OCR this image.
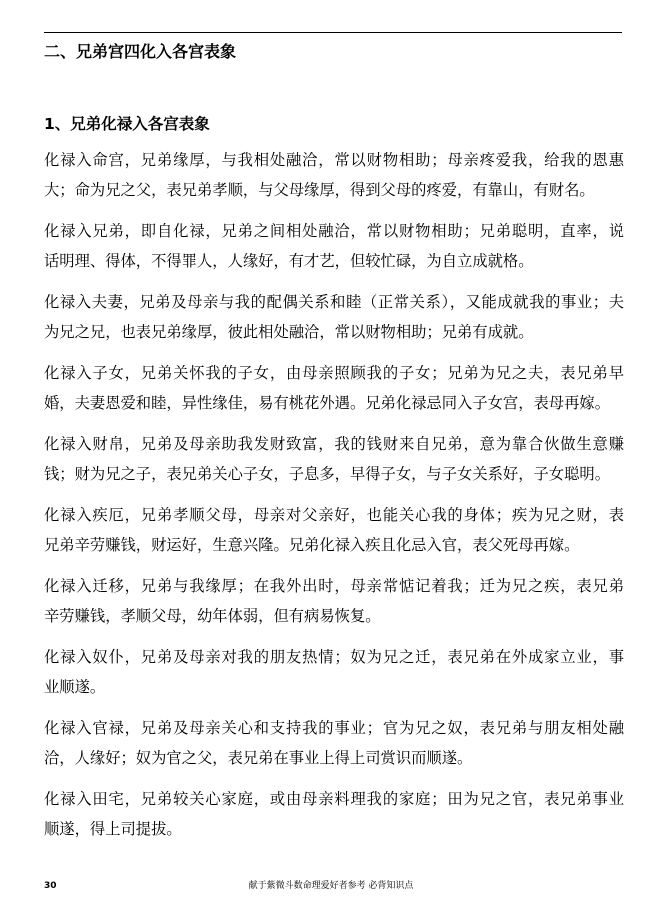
二、兄弟宫四化入各宫表象
1、兄弟化禄入各宫表象

化禄入命宫，兄弟缘厚，与我相处融洽，常以财物相助；母亲疼爱我，给我的恩惠
大；命为兄之父，表兄弟孝顺，与父母缘厚，得到父母的疼爱，有靠山，有财名。

化禄入兄弟，即自化禄，兄弟之间相处融洽，常以财物相助；兄弟聪明，直率，说
话明理、得体，不得罪人，人缘好，有才艺，但较忙碌，为自立成就格。

化禄入夫妻，兄弟及母亲与我的配偶关系和睦（正常关系），又能成就我的事业；夫
为兄之兄，也表兄弟缘厚，彼此相处融洽，常以财物相助；兄弟有成就。

化禄入子女，兄弟关怀我的子女，由母亲照顾我的子女；兄弟为兄之夫，表兄弟早
婚，夫妻恩爱和睦，异性缘佳，易有桃花外遇。兄弟化禄忌同入子女宫，表母再嫁。

化禄入财帛，兄弟及母亲助我发财致富，我的钱财来自兄弟，意为靠合伙做生意赚
钱；财为兄之子，表兄弟关心子女，子息多，早得子女，与子女关系好，子女聪明。

化禄入疾厄，兄弟孝顺父母，母亲对父亲好，也能关心我的身体；疾为兄之财，表
兄弟辛劳赚钱，财运好，生意兴隆。兄弟化禄入疾且化忌入官，表父死母再嫁。

化禄入迁移，兄弟与我缘厚；在我外出时，母亲常惦记着我；迁为兄之疾，表兄弟
辛劳赚钱，孝顺父母，幼年体弱，但有病易恢复。

化禄入奴仆，兄弟及母亲对我的朋友热情；奴为兄之迁，表兄弟在外成家立业，事
业顺遂。

化禄入官禄，兄弟及母亲关心和支持我的事业；官为兄之奴，表兄弟与朋友相处融
洽，人缘好；奴为官之父，表兄弟在事业上得上司赏识而顺遂。

化禄入田宅，兄弟较关心家庭，或由母亲料理我的家庭；田为兄之官，表兄弟事业
顺遂，得上司提拔。

30	献于紫微斗数命理爱好者参考 必背知识点
